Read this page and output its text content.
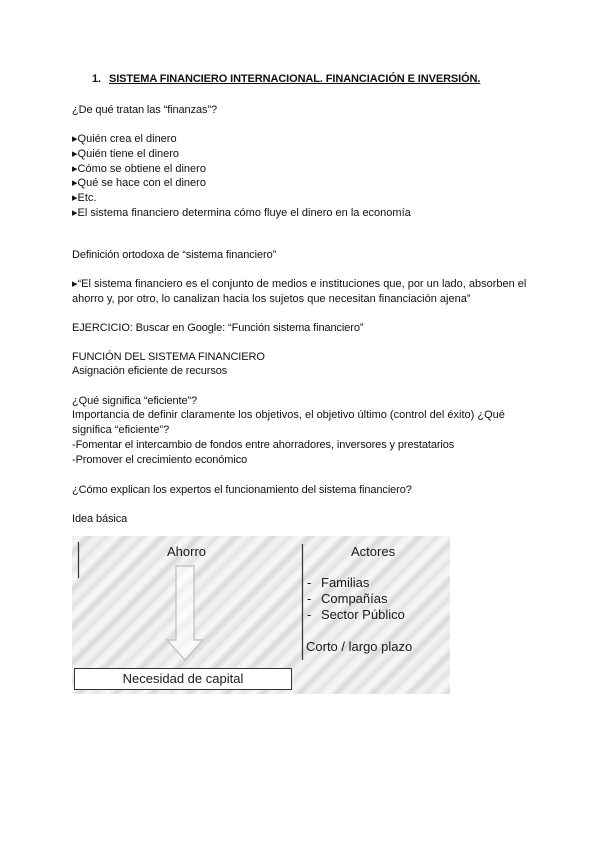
1. SISTEMA FINANCIERO INTERNACIONAL. FINANCIACIÓN E INVERSIÓN.
¿De qué tratan las “finanzas”?
▸Quién crea el dinero
▸Quién tiene el dinero
▸Cómo se obtiene el dinero
▸Qué se hace con el dinero
▸Etc.
▸El sistema financiero determina cómo fluye el dinero en la economía
Definición ortodoxa de “sistema financiero”
▸“El sistema financiero es el conjunto de medios e instituciones que, por un lado, absorben el ahorro y, por otro, lo canalizan hacia los sujetos que necesitan financiación ajena”
EJERCICIO: Buscar en Google: “Función sistema financiero”
FUNCIÓN DEL SISTEMA FINANCIERO
Asignación eficiente de recursos
¿Qué significa “eficiente”?
Importancia de definir claramente los objetivos, el objetivo último (control del éxito) ¿Qué significa “eficiente”?
-Fomentar el intercambio de fondos entre ahorradores, inversores y prestatarios
-Promover el crecimiento económico
¿Cómo explican los expertos el funcionamiento del sistema financiero?
Idea básica
Ahorro	Actores
- Familias
- Compañías
- Sector Público
Corto / largo plazo
Necesidad de capital
